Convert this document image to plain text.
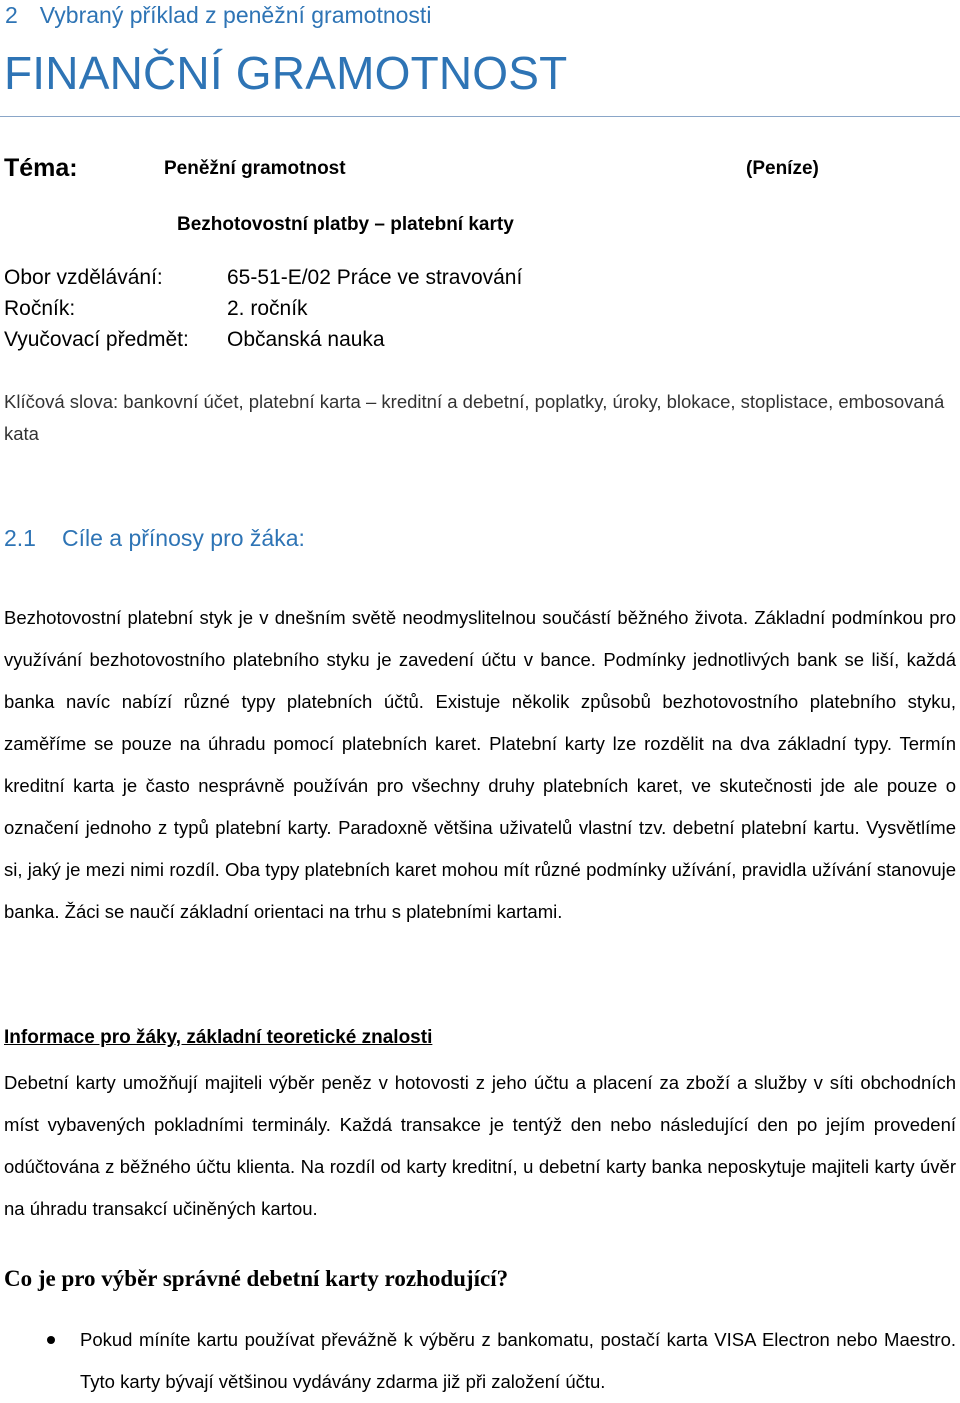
2 Vybraný příklad z peněžní gramotnosti
FINANČNÍ GRAMOTNOST
Téma:	Peněžní gramotnost	(Peníze)
Bezhotovostní platby – platební karty
Obor vzdělávání:	65-51-E/02 Práce ve stravování
Ročník:	2. ročník
Vyučovací předmět: Občanská nauka
Klíčová slova: bankovní účet, platební karta – kreditní a debetní, poplatky, úroky, blokace, stoplistace, embosovaná kata
2.1 Cíle a přínosy pro žáka:
Bezhotovostní platební styk je v dnešním světě neodmyslitelnou součástí běžného života. Základní podmínkou pro využívání bezhotovostního platebního styku je zavedení účtu v bance. Podmínky jednotlivých bank se liší, každá banka navíc nabízí různé typy platebních účtů. Existuje několik způsobů bezhotovostního platebního styku, zaměříme se pouze na úhradu pomocí platebních karet. Platební karty lze rozdělit na dva základní typy. Termín kreditní karta je často nesprávně používán pro všechny druhy platebních karet, ve skutečnosti jde ale pouze o označení jednoho z typů platební karty. Paradoxně většina uživatelů vlastní tzv. debetní platební kartu. Vysvětlíme si, jaký je mezi nimi rozdíl. Oba typy platebních karet mohou mít různé podmínky užívání, pravidla užívání stanovuje banka. Žáci se naučí základní orientaci na trhu s platebními kartami.
Informace pro žáky, základní teoretické znalosti
Debetní karty umožňují majiteli výběr peněz v hotovosti z jeho účtu a placení za zboží a služby v síti obchodních míst vybavených pokladními terminály. Každá transakce je tentýž den nebo následující den po jejím provedení odúčtována z běžného účtu klienta. Na rozdíl od karty kreditní, u debetní karty banka neposkytuje majiteli karty úvěr na úhradu transakcí učiněných kartou.
Co je pro výběr správné debetní karty rozhodující?
Pokud míníte kartu používat převážně k výběru z bankomatu, postačí karta VISA Electron nebo Maestro. Tyto karty bývají většinou vydávány zdarma již při založení účtu.
